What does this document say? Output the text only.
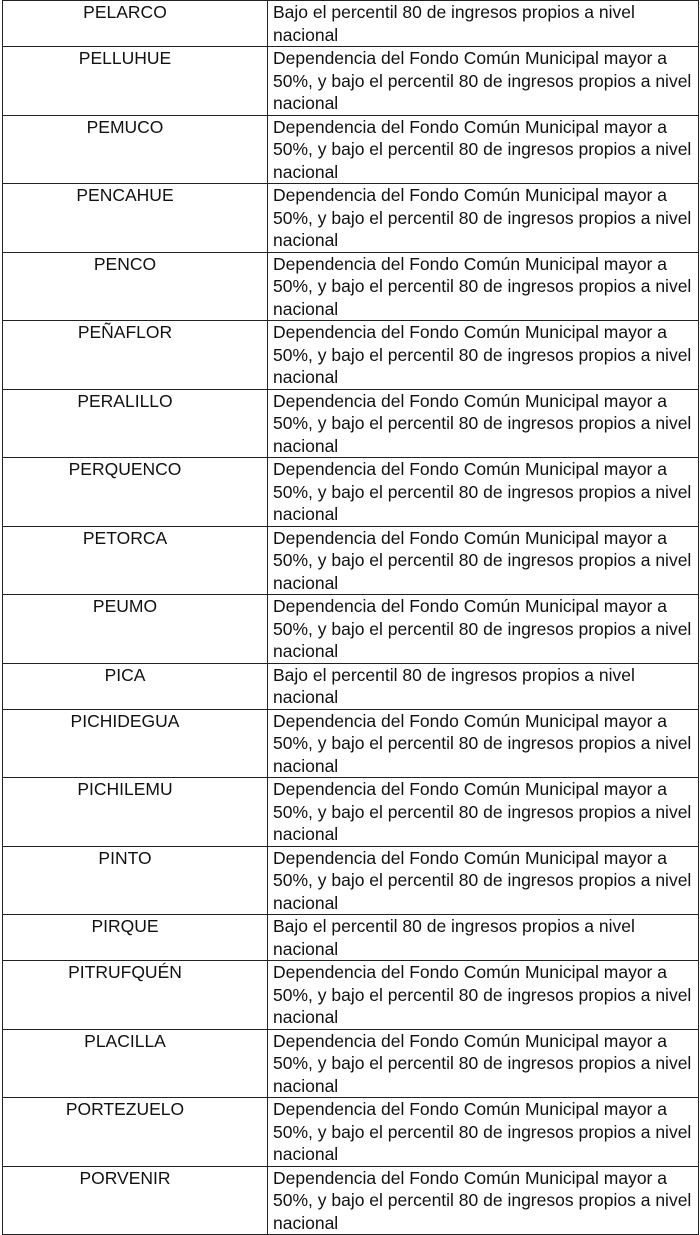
PELARCO	Bajo el percentil 80 de ingresos propios a nivel nacional
PELLUHUE	Dependencia del Fondo Común Municipal mayor a 50%, y bajo el percentil 80 de ingresos propios a nivel nacional
PEMUCO	Dependencia del Fondo Común Municipal mayor a 50%, y bajo el percentil 80 de ingresos propios a nivel nacional
PENCAHUE	Dependencia del Fondo Común Municipal mayor a 50%, y bajo el percentil 80 de ingresos propios a nivel nacional
PENCO	Dependencia del Fondo Común Municipal mayor a 50%, y bajo el percentil 80 de ingresos propios a nivel nacional
PEÑAFLOR	Dependencia del Fondo Común Municipal mayor a 50%, y bajo el percentil 80 de ingresos propios a nivel nacional
PERALILLO	Dependencia del Fondo Común Municipal mayor a 50%, y bajo el percentil 80 de ingresos propios a nivel nacional
PERQUENCO	Dependencia del Fondo Común Municipal mayor a 50%, y bajo el percentil 80 de ingresos propios a nivel nacional
PETORCA	Dependencia del Fondo Común Municipal mayor a 50%, y bajo el percentil 80 de ingresos propios a nivel nacional
PEUMO	Dependencia del Fondo Común Municipal mayor a 50%, y bajo el percentil 80 de ingresos propios a nivel nacional
PICA	Bajo el percentil 80 de ingresos propios a nivel nacional
PICHIDEGUA	Dependencia del Fondo Común Municipal mayor a 50%, y bajo el percentil 80 de ingresos propios a nivel nacional
PICHILEMU	Dependencia del Fondo Común Municipal mayor a 50%, y bajo el percentil 80 de ingresos propios a nivel nacional
PINTO	Dependencia del Fondo Común Municipal mayor a 50%, y bajo el percentil 80 de ingresos propios a nivel nacional
PIRQUE	Bajo el percentil 80 de ingresos propios a nivel nacional
PITRUFQUÉN	Dependencia del Fondo Común Municipal mayor a 50%, y bajo el percentil 80 de ingresos propios a nivel nacional
PLACILLA	Dependencia del Fondo Común Municipal mayor a 50%, y bajo el percentil 80 de ingresos propios a nivel nacional
PORTEZUELO	Dependencia del Fondo Común Municipal mayor a 50%, y bajo el percentil 80 de ingresos propios a nivel nacional
PORVENIR	Dependencia del Fondo Común Municipal mayor a 50%, y bajo el percentil 80 de ingresos propios a nivel nacional
